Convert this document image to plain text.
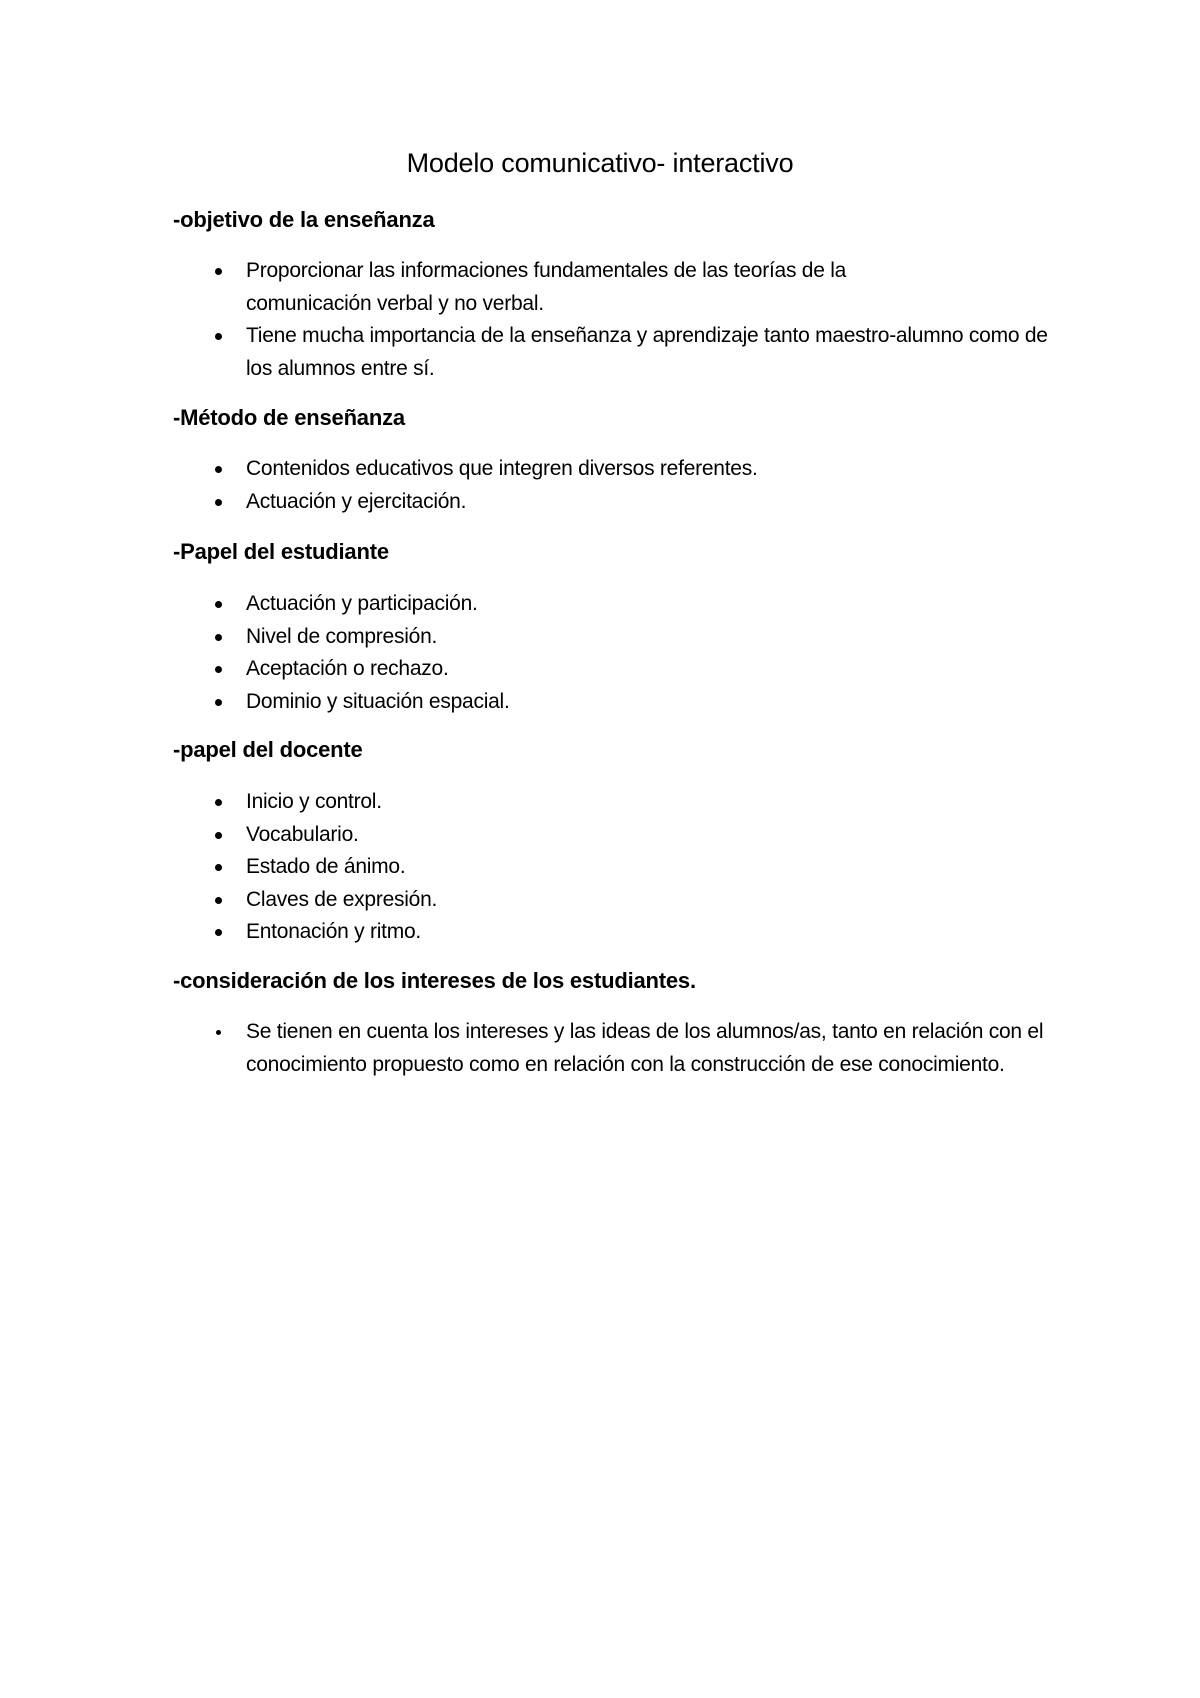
Modelo comunicativo- interactivo
-objetivo de la enseñanza
Proporcionar las informaciones fundamentales de las teorías de la comunicación verbal y no verbal.
Tiene mucha importancia de la enseñanza y aprendizaje tanto maestro-alumno como de los alumnos entre sí.
-Método de enseñanza
Contenidos educativos que integren diversos referentes.
Actuación y ejercitación.
-Papel del estudiante
Actuación y participación.
Nivel de compresión.
Aceptación o rechazo.
Dominio y situación espacial.
-papel del docente
Inicio y control.
Vocabulario.
Estado de ánimo.
Claves de expresión.
Entonación y ritmo.
-consideración de los intereses de los estudiantes.
Se tienen en cuenta los intereses y las ideas de los alumnos/as, tanto en relación con el conocimiento propuesto como en relación con la construcción de ese conocimiento.
